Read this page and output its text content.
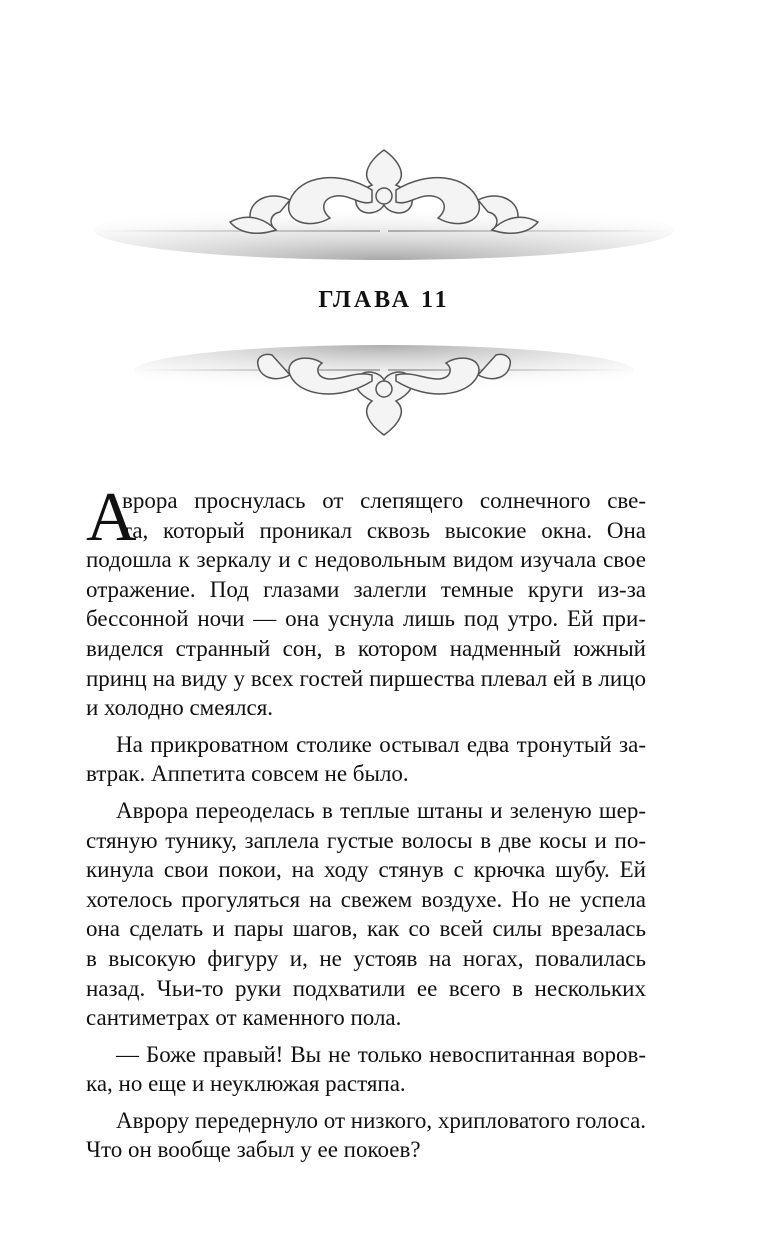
ГЛАВА 11
А
врора проснулась от слепящего солнечного све-
та, который проникал сквозь высокие окна. Она
подошла к зеркалу и с недовольным видом изучала свое
отражение. Под глазами залегли темные круги из-за
бессонной ночи — она уснула лишь под утро. Ей при-
виделся странный сон, в котором надменный южный
принц на виду у всех гостей пиршества плевал ей в лицо
и холодно смеялся.
На прикроватном столике остывал едва тронутый за-
втрак. Аппетита совсем не было.
Аврора переоделась в теплые штаны и зеленую шер-
стяную тунику, заплела густые волосы в две косы и по-
кинула свои покои, на ходу стянув с крючка шубу. Ей
хотелось прогуляться на свежем воздухе. Но не успела
она сделать и пары шагов, как со всей силы врезалась
в высокую фигуру и, не устояв на ногах, повалилась
назад. Чьи-то руки подхватили ее всего в нескольких
сантиметрах от каменного пола.
— Боже правый! Вы не только невоспитанная воров-
ка, но еще и неуклюжая растяпа.
Аврору передернуло от низкого, хрипловатого голоса.
Что он вообще забыл у ее покоев?
